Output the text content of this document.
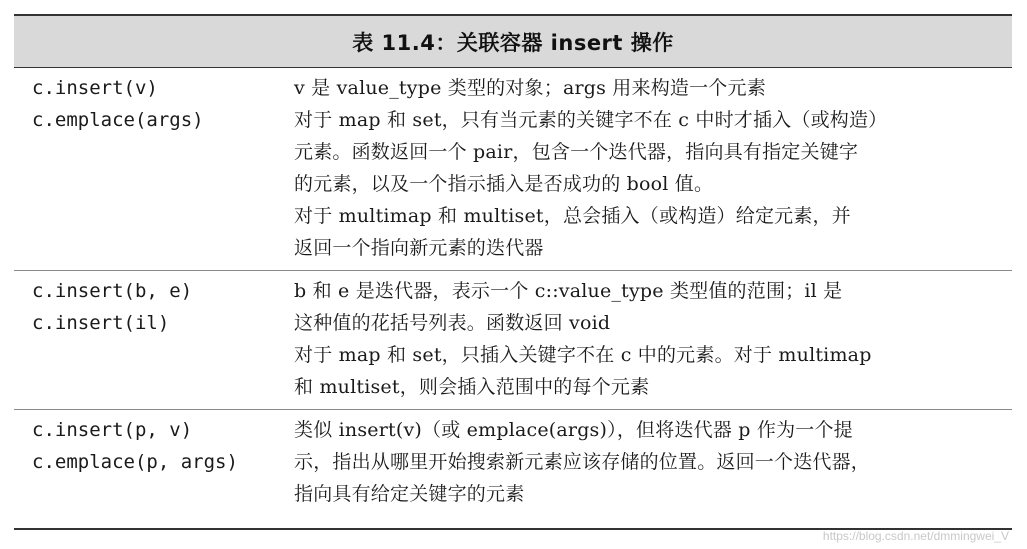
表 11.4：关联容器 insert 操作
c.insert(v)
c.emplace(args)
v 是 value_type 类型的对象；args 用来构造一个元素
对于 map 和 set，只有当元素的关键字不在 c 中时才插入（或构造）
元素。函数返回一个 pair，包含一个迭代器，指向具有指定关键字
的元素，以及一个指示插入是否成功的 bool 值。
对于 multimap 和 multiset，总会插入（或构造）给定元素，并
返回一个指向新元素的迭代器
c.insert(b, e)
c.insert(il)
b 和 e 是迭代器，表示一个 c::value_type 类型值的范围；il 是
这种值的花括号列表。函数返回 void
对于 map 和 set，只插入关键字不在 c 中的元素。对于 multimap
和 multiset，则会插入范围中的每个元素
c.insert(p, v)
c.emplace(p, args)
类似 insert(v)（或 emplace(args)），但将迭代器 p 作为一个提
示，指出从哪里开始搜索新元素应该存储的位置。返回一个迭代器，
指向具有给定关键字的元素
https://blog.csdn.net/dmmingwei_V
